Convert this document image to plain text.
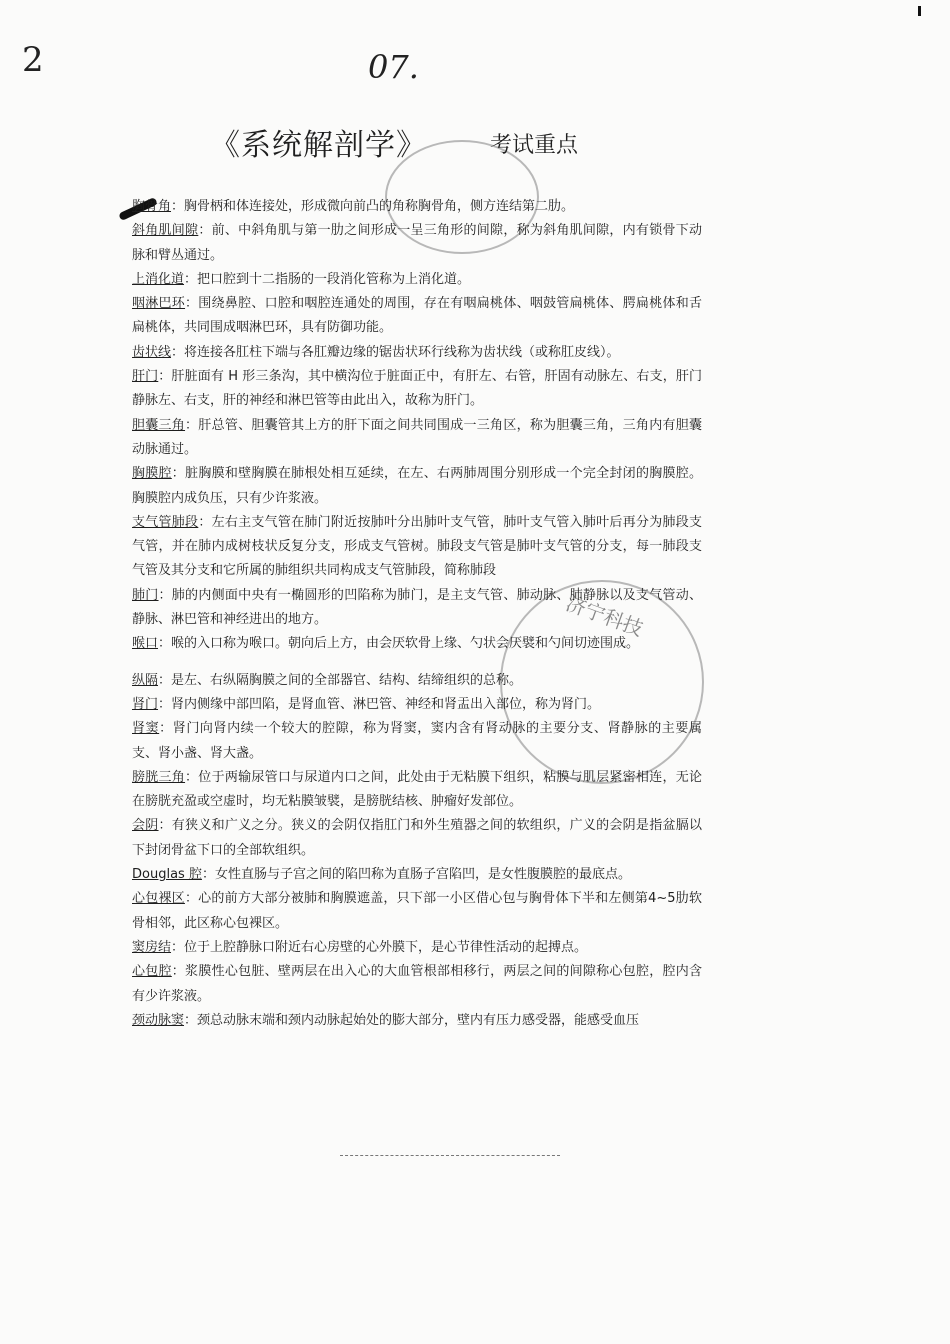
2	07.
《系统解剖学》	考试重点
济宁科技

胸骨角：胸骨柄和体连接处，形成微向前凸的角称胸骨角，侧方连结第二肋。

斜角肌间隙：前、中斜角肌与第一肋之间形成一呈三角形的间隙，称为斜角肌间隙，内有锁骨下动脉和臂丛通过。

上消化道：把口腔到十二指肠的一段消化管称为上消化道。

咽淋巴环：围绕鼻腔、口腔和咽腔连通处的周围，存在有咽扁桃体、咽鼓管扁桃体、腭扁桃体和舌扁桃体，共同围成咽淋巴环，具有防御功能。

齿状线：将连接各肛柱下端与各肛瓣边缘的锯齿状环行线称为齿状线（或称肛皮线）。

肝门：肝脏面有 H 形三条沟，其中横沟位于脏面正中，有肝左、右管，肝固有动脉左、右支，肝门静脉左、右支，肝的神经和淋巴管等由此出入，故称为肝门。

胆囊三角：肝总管、胆囊管其上方的肝下面之间共同围成一三角区，称为胆囊三角，三角内有胆囊动脉通过。

胸膜腔：脏胸膜和壁胸膜在肺根处相互延续，在左、右两肺周围分别形成一个完全封闭的胸膜腔。胸膜腔内成负压，只有少许浆液。

支气管肺段：左右主支气管在肺门附近按肺叶分出肺叶支气管，肺叶支气管入肺叶后再分为肺段支气管，并在肺内成树枝状反复分支，形成支气管树。肺段支气管是肺叶支气管的分支，每一肺段支气管及其分支和它所属的肺组织共同构成支气管肺段，简称肺段

肺门：肺的内侧面中央有一椭圆形的凹陷称为肺门，是主支气管、肺动脉、肺静脉以及支气管动、静脉、淋巴管和神经进出的地方。

喉口：喉的入口称为喉口。朝向后上方，由会厌软骨上缘、勺状会厌襞和勺间切迹围成。

纵隔：是左、右纵隔胸膜之间的全部器官、结构、结缔组织的总称。

肾门：肾内侧缘中部凹陷，是肾血管、淋巴管、神经和肾盂出入部位，称为肾门。

肾窦：肾门向肾内续一个较大的腔隙，称为肾窦，窦内含有肾动脉的主要分支、肾静脉的主要属支、肾小盏、肾大盏。

膀胱三角：位于两输尿管口与尿道内口之间，此处由于无粘膜下组织，粘膜与肌层紧密相连，无论在膀胱充盈或空虚时，均无粘膜皱襞，是膀胱结核、肿瘤好发部位。

会阴：有狭义和广义之分。狭义的会阴仅指肛门和外生殖器之间的软组织，广义的会阴是指盆膈以下封闭骨盆下口的全部软组织。

Douglas 腔：女性直肠与子宫之间的陷凹称为直肠子宫陷凹，是女性腹膜腔的最底点。

心包裸区：心的前方大部分被肺和胸膜遮盖，只下部一小区借心包与胸骨体下半和左侧第4~5肋软骨相邻，此区称心包裸区。

窦房结：位于上腔静脉口附近右心房壁的心外膜下，是心节律性活动的起搏点。

心包腔：浆膜性心包脏、壁两层在出入心的大血管根部相移行，两层之间的间隙称心包腔，腔内含有少许浆液。

颈动脉窦：颈总动脉末端和颈内动脉起始处的膨大部分，壁内有压力感受器，能感受血压
